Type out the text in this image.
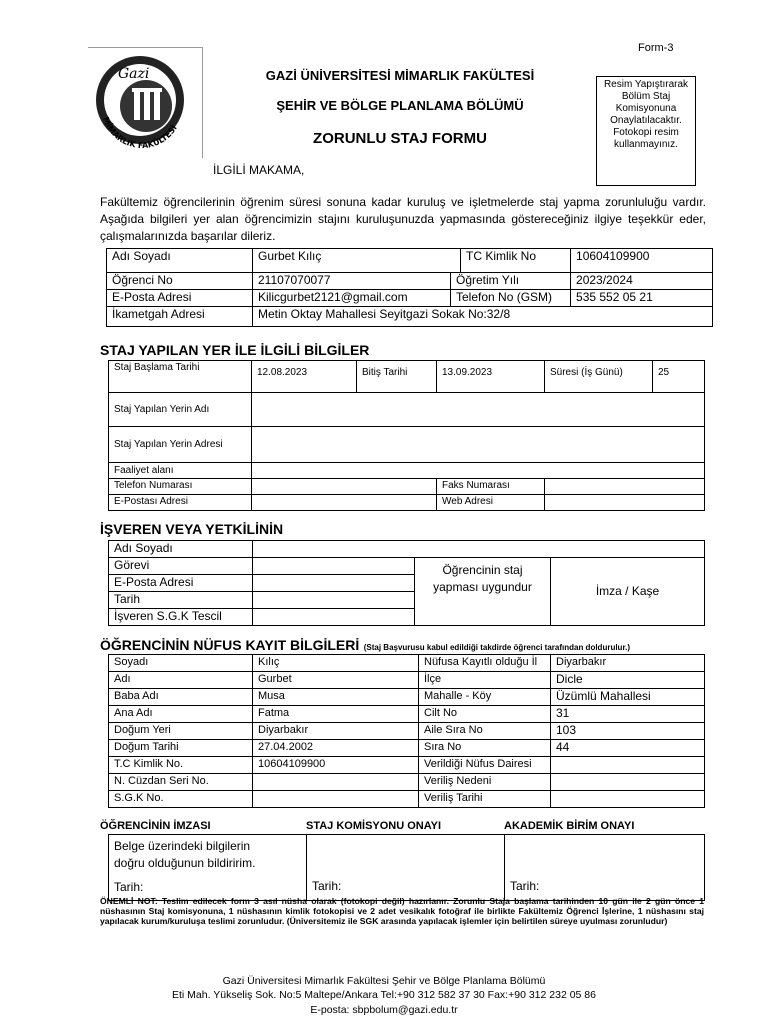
Form-3
Gazi
MİMARLIK FAKÜLTESİ
GAZİ ÜNİVERSİTESİ MİMARLIK FAKÜLTESİ
ŞEHİR VE BÖLGE PLANLAMA BÖLÜMÜ
ZORUNLU STAJ FORMU
İLGİLİ MAKAMA,
Resim Yapıştırarak Bölüm Staj Komisyonuna Onaylatılacaktır. Fotokopi resim kullanmayınız.
Fakültemiz öğrencilerinin öğrenim süresi sonuna kadar kuruluş ve işletmelerde staj yapma zorunluluğu vardır. Aşağıda bilgileri yer alan öğrencimizin stajını kuruluşunuzda yapmasında göstereceğiniz ilgiye teşekkür eder, çalışmalarınızda başarılar dileriz.
Adı Soyadı	Gurbet Kılıç		TC Kimlik No	10604109900
Öğrenci No	21107070077	Öğretim Yılı		2023/2024
E-Posta Adresi	Kilicgurbet2121@gmail.com	Telefon No (GSM)		535 552 05 21
İkametgah Adresi	Metin Oktay Mahallesi Seyitgazi Sokak No:32/8			
STAJ YAPILAN YER İLE İLGİLİ BİLGİLER
Staj Başlama Tarihi	12.08.2023	Bitiş Tarihi	13.09.2023	Süresi (İş Günü)	25
Staj Yapılan Yerin Adı					
Staj Yapılan Yerin Adresi					
Faaliyet alanı					
Telefon Numarası			Faks Numarası		
E-Postası Adresi			Web Adresi		
İŞVEREN VEYA YETKİLİNİN
Adı Soyadı			
Görevi		Öğrencinin staj yapması uygundur	İmza / Kaşe
E-Posta Adresi			
Tarih			
İşveren S.G.K Tescil			
ÖĞRENCİNİN NÜFUS KAYIT BİLGİLERİ (Staj Başvurusu kabul edildiği takdirde öğrenci tarafından doldurulur.)
Soyadı	Kılıç	Nüfusa Kayıtlı olduğu İl	Diyarbakır
Adı	Gurbet	İlçe	Dicle
Baba Adı	Musa	Mahalle - Köy	Üzümlü Mahallesi
Ana Adı	Fatma	Cilt No	31
Doğum Yeri	Diyarbakır	Aile Sıra No	103
Doğum Tarihi	27.04.2002	Sıra No	44
T.C Kimlik No.	10604109900	Verildiği Nüfus Dairesi	
N. Cüzdan Seri No.		Veriliş Nedeni	
S.G.K No.		Veriliş Tarihi	
ÖĞRENCİNİN İMZASI	STAJ KOMİSYONU ONAYI	AKADEMİK BİRİM ONAYI
Belge üzerindeki bilgilerin
doğru olduğunun bildiririm.
Tarih:	Tarih:	Tarih:
ÖNEMLİ NOT: Teslim edilecek form 3 asıl nüsha olarak (fotokopi değil) hazırlanır. Zorunlu Staja başlama tarihinden 10 gün ile 2 gün önce 1 nüshasının Staj komisyonuna, 1 nüshasının kimlik fotokopisi ve 2 adet vesikalık fotoğraf ile birlikte Fakültemiz Öğrenci İşlerine, 1 nüshasını staj yapılacak kurum/kuruluşa teslimi zorunludur. (Üniversitemiz ile SGK arasında yapılacak işlemler için belirtilen süreye uyulması zorunludur)
Gazi Üniversitesi Mimarlık Fakültesi Şehir ve Bölge Planlama Bölümü
Eti Mah. Yükseliş Sok. No:5 Maltepe/Ankara Tel:+90 312 582 37 30 Fax:+90 312 232 05 86
E-posta: sbpbolum@gazi.edu.tr
